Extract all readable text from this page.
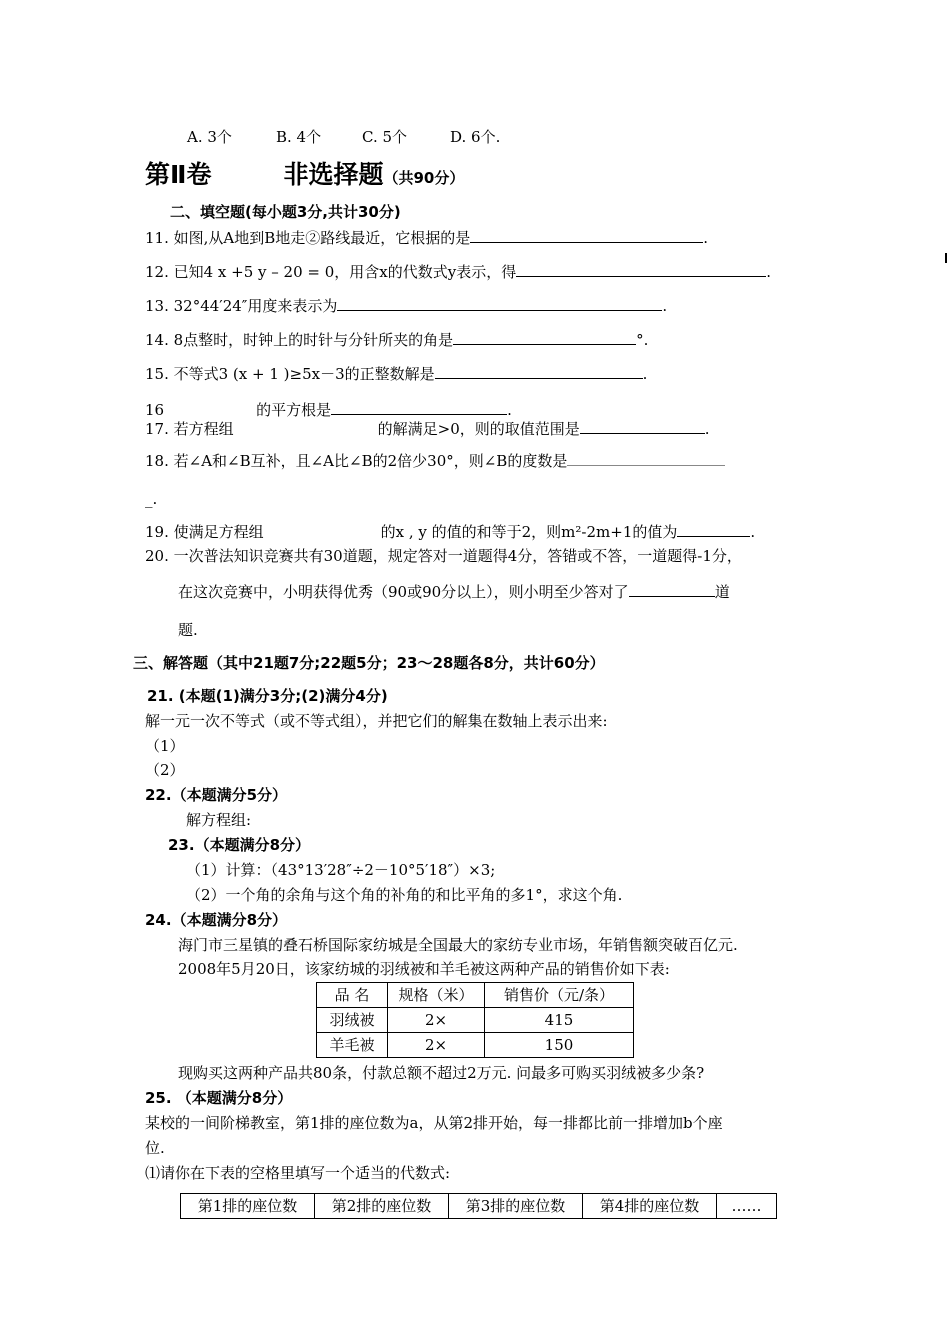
A. 3个	B. 4个	C. 5个	D. 6个.
第Ⅱ卷	非选择题（共90分）
二、填空题(每小题3分,共计30分)
11. 如图,从A地到B地走②路线最近，它根据的是	.
12. 已知4 x +5 y – 20 = 0，用含x的代数式y表示，得	.
13. 32°44′24″用度来表示为	.
14. 8点整时，时钟上的时针与分针所夹的角是	°.
15. 不等式3 (x + 1 )≥5x－3的正整数解是	.
16	的平方根是	.
17. 若方程组	的解满足>0，则的取值范围是	.
18. 若∠A和∠B互补，且∠A比∠B的2倍少30°，则∠B的度数是
_.
19. 使满足方程组	的x , y 的值的和等于2，则m²-2m+1的值为	.
20. 一次普法知识竞赛共有30道题，规定答对一道题得4分，答错或不答，一道题得-1分，
在这次竞赛中，小明获得优秀（90或90分以上），则小明至少答对了	道
题.
三、解答题（其中21题7分;22题5分；23～28题各8分，共计60分）
21. (本题(1)满分3分;(2)满分4分)
解一元一次不等式（或不等式组），并把它们的解集在数轴上表示出来:
（1）
（2）
22.（本题满分5分）
解方程组:
23.（本题满分8分）
（1）计算：（43°13′28″÷2－10°5′18″）×3;
（2）一个角的余角与这个角的补角的和比平角的多1°，求这个角.
24.（本题满分8分）
海门市三星镇的叠石桥国际家纺城是全国最大的家纺专业市场，年销售额突破百亿元.
2008年5月20日，该家纺城的羽绒被和羊毛被这两种产品的销售价如下表:
品 名	规格（米）	销售价（元/条）
羽绒被	2×	415
羊毛被	2×	150
现购买这两种产品共80条，付款总额不超过2万元. 问最多可购买羽绒被多少条?
25. （本题满分8分）
某校的一间阶梯教室，第1排的座位数为a，从第2排开始，每一排都比前一排增加b个座
位.
⑴请你在下表的空格里填写一个适当的代数式:
第1排的座位数	第2排的座位数	第3排的座位数	第4排的座位数	……
